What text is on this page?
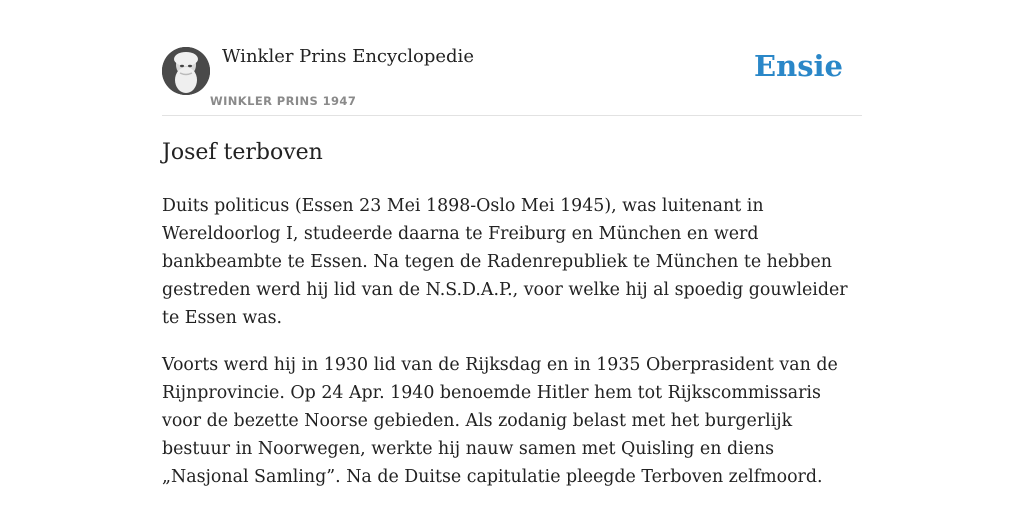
Winkler Prins Encyclopedie
WINKLER PRINS 1947
Ensie
Josef terboven

Duits politicus (Essen 23 Mei 1898-Oslo Mei 1945), was luitenant in Wereldoorlog I, studeerde daarna te Freiburg en München en werd bankbeambte te Essen. Na tegen de Radenrepubliek te München te hebben gestreden werd hij lid van de N.S.D.A.P., voor welke hij al spoedig gouwleider te Essen was.

Voorts werd hij in 1930 lid van de Rijksdag en in 1935 Oberprasident van de Rijnprovincie. Op 24 Apr. 1940 benoemde Hitler hem tot Rijkscommissaris voor de bezette Noorse gebieden. Als zodanig belast met het burgerlijk bestuur in Noorwegen, werkte hij nauw samen met Quisling en diens „Nasjonal Samling”. Na de Duitse capitulatie pleegde Terboven zelfmoord.
